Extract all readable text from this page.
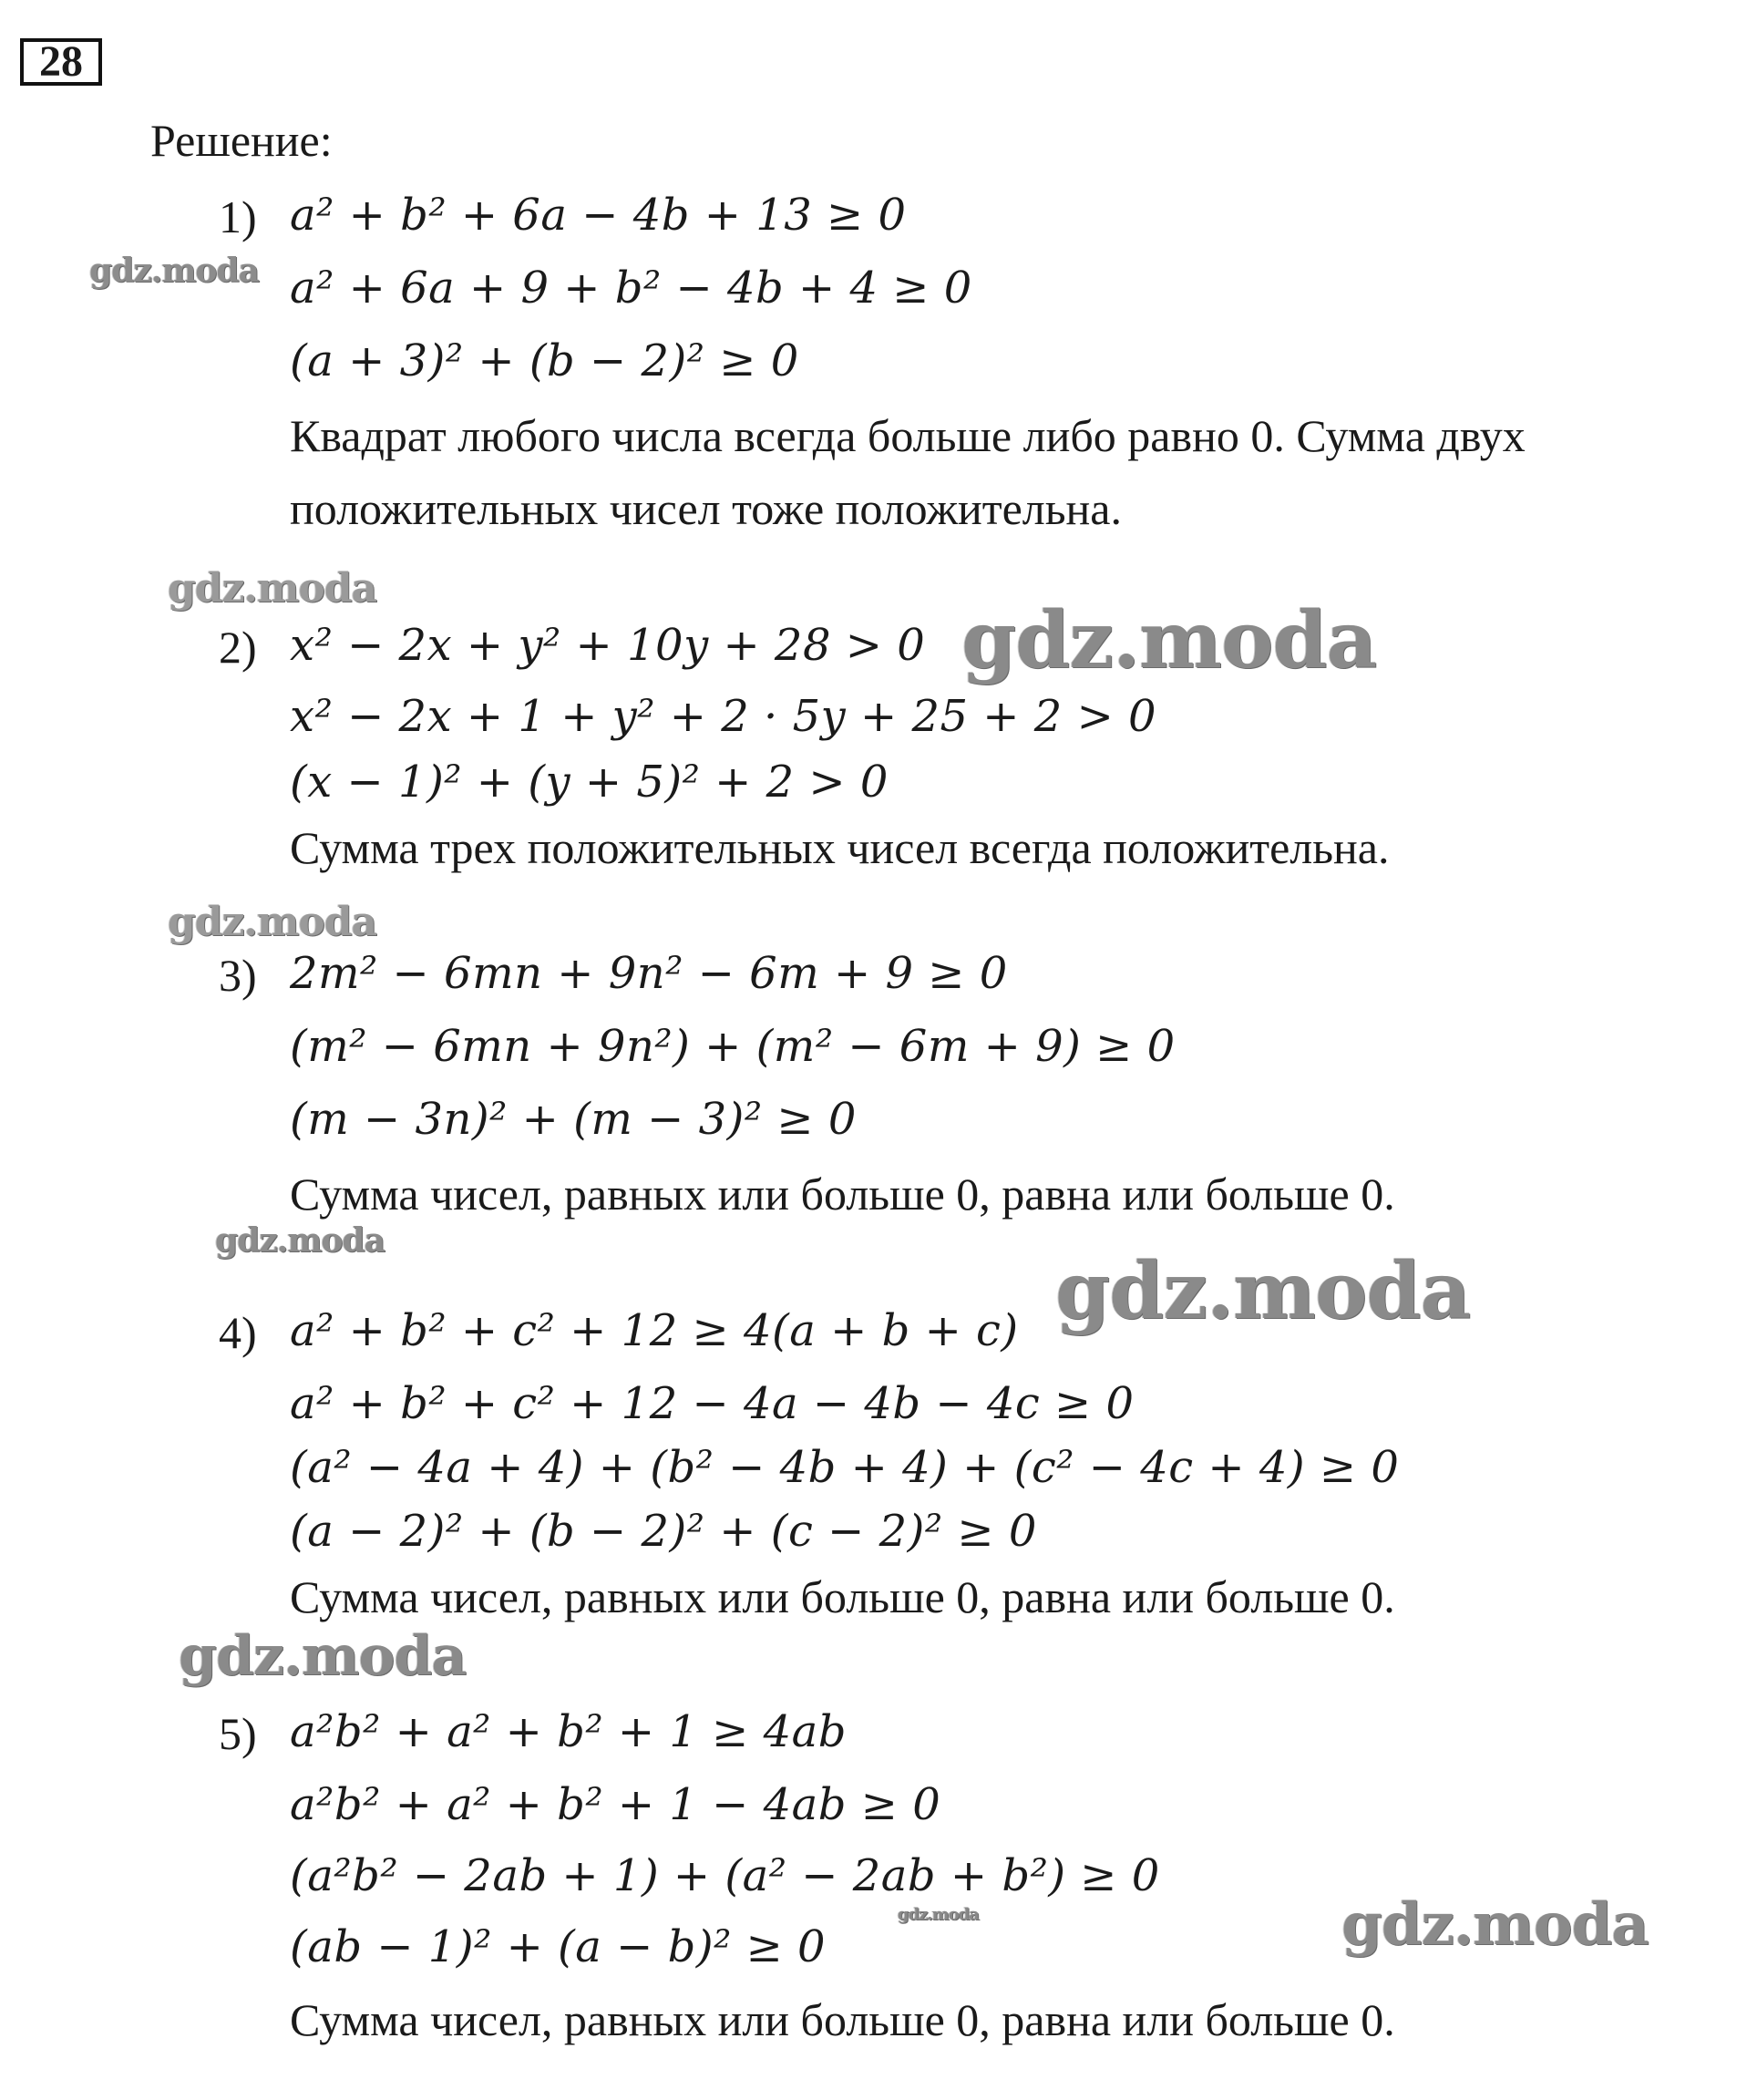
28
Решение:
1) a² + b² + 6a − 4b + 13 ≥ 0
a² + 6a + 9 + b² − 4b + 4 ≥ 0
(a + 3)² + (b − 2)² ≥ 0
Квадрат любого числа всегда больше либо равно 0. Сумма двух
положительных чисел тоже положительна.
2) x² − 2x + y² + 10y + 28 > 0
x² − 2x + 1 + y² + 2 · 5y + 25 + 2 > 0
(x − 1)² + (y + 5)² + 2 > 0
Сумма трех положительных чисел всегда положительна.
3) 2m² − 6mn + 9n² − 6m + 9 ≥ 0
(m² − 6mn + 9n²) + (m² − 6m + 9) ≥ 0
(m − 3n)² + (m − 3)² ≥ 0
Сумма чисел, равных или больше 0, равна или больше 0.
4) a² + b² + c² + 12 ≥ 4(a + b + c)
a² + b² + c² + 12 − 4a − 4b − 4c ≥ 0
(a² − 4a + 4) + (b² − 4b + 4) + (c² − 4c + 4) ≥ 0
(a − 2)² + (b − 2)² + (c − 2)² ≥ 0
Сумма чисел, равных или больше 0, равна или больше 0.
5) a²b² + a² + b² + 1 ≥ 4ab
a²b² + a² + b² + 1 − 4ab ≥ 0
(a²b² − 2ab + 1) + (a² − 2ab + b²) ≥ 0
(ab − 1)² + (a − b)² ≥ 0
Сумма чисел, равных или больше 0, равна или больше 0.
gdz.moda
gdz.moda
gdz.moda
gdz.moda
gdz.moda
gdz.moda
gdz.moda
gdz.moda
gdz.moda
